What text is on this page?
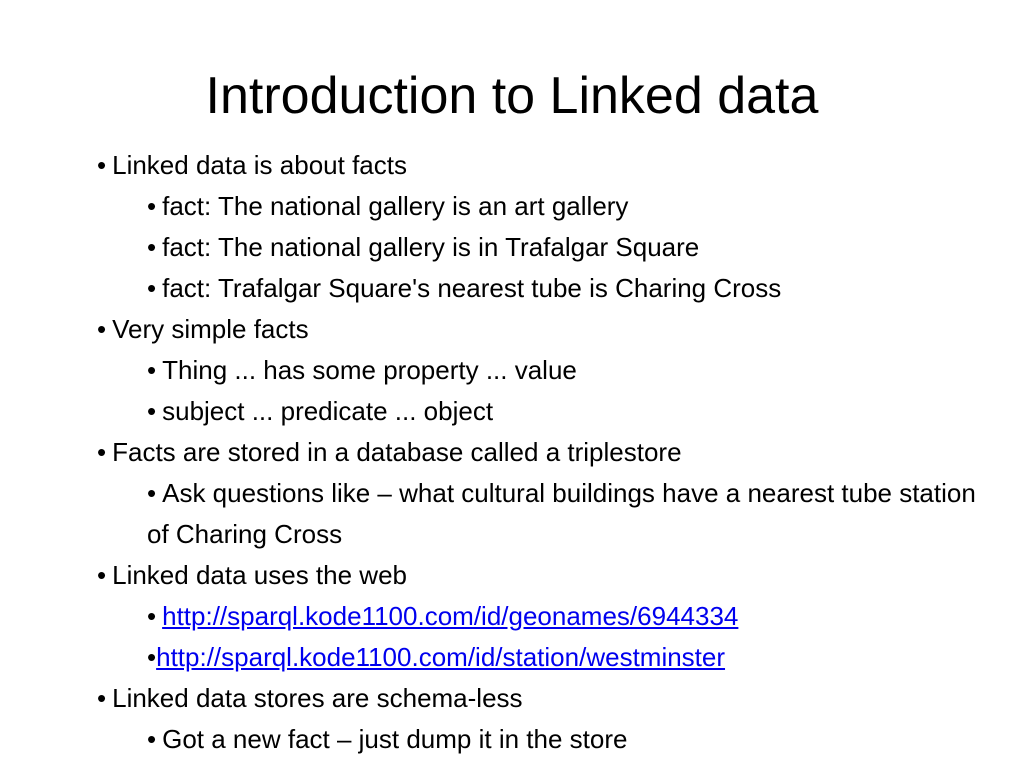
Introduction to Linked data
• Linked data is about facts
• fact: The national gallery is an art gallery
• fact: The national gallery is in Trafalgar Square
• fact: Trafalgar Square's nearest tube is Charing Cross
• Very simple facts
• Thing ... has some property ... value
• subject ... predicate ... object
• Facts are stored in a database called a triplestore
• Ask questions like – what cultural buildings have a nearest tube station of Charing Cross
• Linked data uses the web
• http://sparql.kode1100.com/id/geonames/6944334
•http://sparql.kode1100.com/id/station/westminster
• Linked data stores are schema-less
• Got a new fact – just dump it in the store
